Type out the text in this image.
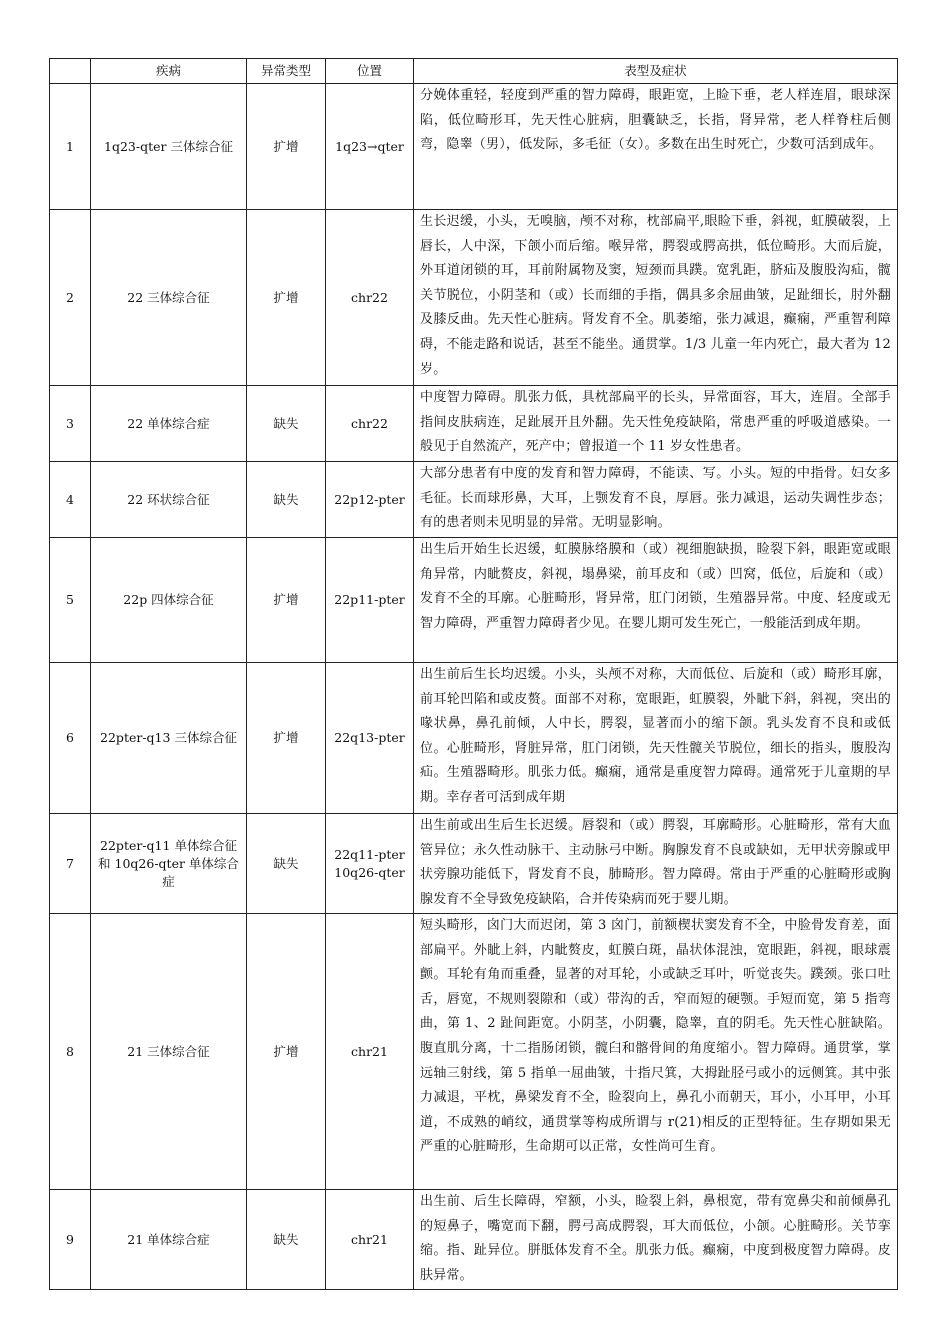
	疾病	异常类型	位置	表型及症状
1	1q23-qter 三体综合征	扩增	1q23→qter	分娩体重轻，轻度到严重的智力障碍，眼距宽，上睑下垂，老人样连眉，眼球深陷，低位畸形耳，先天性心脏病，胆囊缺乏，长指，肾异常，老人样脊柱后侧弯，隐睾（男），低发际，多毛征（女）。多数在出生时死亡，少数可活到成年。
2	22 三体综合征	扩增	chr22	生长迟缓，小头，无嗅脑，颅不对称，枕部扁平,眼睑下垂，斜视，虹膜破裂，上唇长，人中深，下颌小而后缩。喉异常，腭裂或腭高拱，低位畸形。大而后旋，外耳道闭锁的耳，耳前附属物及窦，短颈而具蹼。宽乳距，脐疝及腹股沟疝，髋关节脱位，小阴茎和（或）长而细的手指，偶具多余屈曲皱，足趾细长，肘外翻及膝反曲。先天性心脏病。肾发育不全。肌萎缩，张力减退，癫痫，严重智利障碍，不能走路和说话，甚至不能坐。通贯掌。1/3 儿童一年内死亡，最大者为 12 岁。
3	22 单体综合症	缺失	chr22	中度智力障碍。肌张力低，具枕部扁平的长头，异常面容，耳大，连眉。全部手指间皮肤病连，足趾展开且外翻。先天性免疫缺陷，常患严重的呼吸道感染。一般见于自然流产，死产中；曾报道一个 11 岁女性患者。
4	22 环状综合征	缺失	22p12-pter	大部分患者有中度的发育和智力障碍，不能读、写。小头。短的中指骨。妇女多毛征。长而球形鼻，大耳，上颚发育不良，厚唇。张力减退，运动失调性步态；有的患者则未见明显的异常。无明显影响。
5	22p 四体综合征	扩增	22p11-pter	出生后开始生长迟缓，虹膜脉络膜和（或）视细胞缺损，睑裂下斜，眼距宽或眼角异常，内眦赘皮，斜视，塌鼻梁，前耳皮和（或）凹窝，低位，后旋和（或）发育不全的耳廓。心脏畸形，肾异常，肛门闭锁，生殖器异常。中度、轻度或无智力障碍，严重智力障碍者少见。在婴儿期可发生死亡，一般能活到成年期。
6	22pter-q13 三体综合征	扩增	22q13-pter	出生前后生长均迟缓。小头，头颅不对称，大而低位、后旋和（或）畸形耳廓，前耳轮凹陷和或皮赘。面部不对称，宽眼距，虹膜裂，外眦下斜，斜视，突出的喙状鼻，鼻孔前倾，人中长，腭裂，显著而小的缩下颌。乳头发育不良和或低位。心脏畸形，肾脏异常，肛门闭锁，先天性髋关节脱位，细长的指头，腹股沟疝。生殖器畸形。肌张力低。癫痫，通常是重度智力障碍。通常死于儿童期的早期。幸存者可活到成年期
7	22pter-q11 单体综合征和 10q26-qter 单体综合症	缺失	22q11-pter 10q26-qter	出生前或出生后生长迟缓。唇裂和（或）腭裂，耳廓畸形。心脏畸形，常有大血管异位；永久性动脉干、主动脉弓中断。胸腺发育不良或缺如，无甲状旁腺或甲状旁腺功能低下，肾发育不良，肺畸形。智力障碍。常由于严重的心脏畸形或胸腺发育不全导致免疫缺陷，合并传染病而死于婴儿期。
8	21 三体综合征	扩增	chr21	短头畸形，囟门大而迟闭，第 3 囟门，前额楔状窦发育不全，中脸骨发育差，面部扁平。外眦上斜，内眦赘皮，虹膜白斑，晶状体混浊，宽眼距，斜视，眼球震颤。耳轮有角而重叠，显著的对耳轮，小或缺乏耳叶，听觉丧失。蹼颈。张口吐舌，唇宽，不规则裂隙和（或）带沟的舌，窄而短的硬颚。手短而宽，第 5 指弯曲，第 1、2 趾间距宽。小阴茎，小阴囊，隐睾，直的阴毛。先天性心脏缺陷。腹直肌分离，十二指肠闭锁，髋臼和髂骨间的角度缩小。智力障碍。通贯掌，掌远轴三射线，第 5 指单一屈曲皱，十指尺箕，大拇趾胫弓或小的远侧箕。其中张力减退，平枕，鼻梁发育不全，睑裂向上，鼻孔小而朝天，耳小，小耳甲，小耳道，不成熟的峭纹，通贯掌等构成所谓与 r(21)相反的正型特征。生存期如果无严重的心脏畸形，生命期可以正常，女性尚可生育。
9	21 单体综合症	缺失	chr21	出生前、后生长障碍，窄额，小头，睑裂上斜，鼻根宽，带有宽鼻尖和前倾鼻孔的短鼻子，嘴宽而下翻，腭弓高成腭裂，耳大而低位，小颌。心脏畸形。关节挛缩。指、趾异位。胼胝体发育不全。肌张力低。癫痫，中度到极度智力障碍。皮肤异常。
